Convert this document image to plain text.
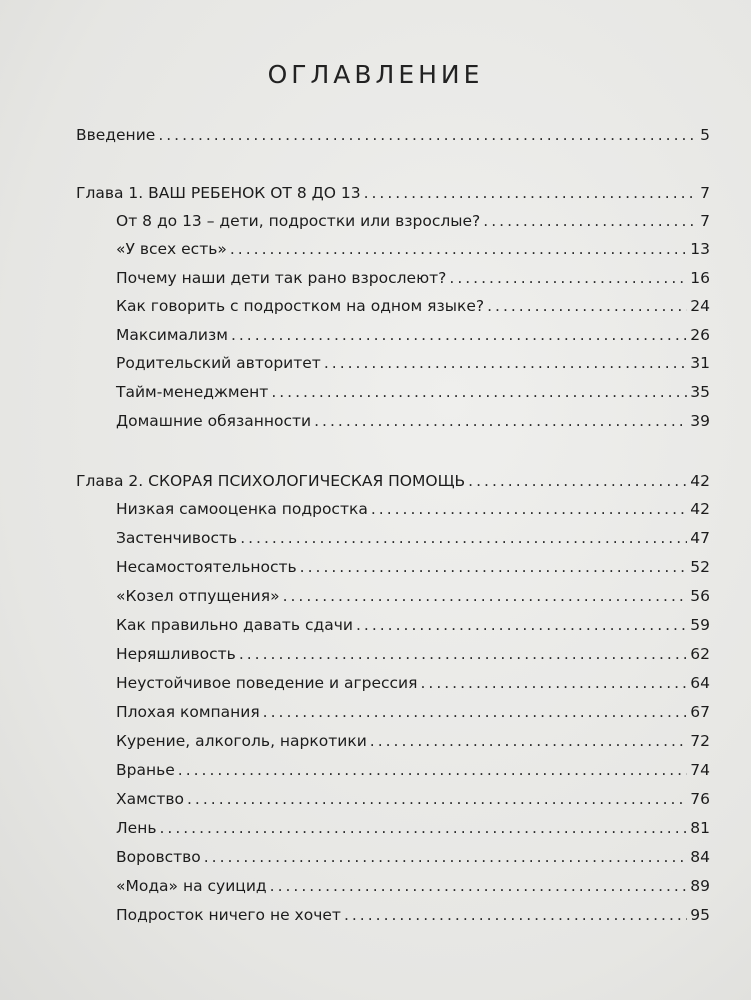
ОГЛАВЛЕНИЕ
Введение .....	5
Глава 1. ВАШ РЕБЕНОК ОТ 8 ДО 13 .....	7
От 8 до 13 – дети, подростки или взрослые? .....	7
«У всех есть» .....	13
Почему наши дети так рано взрослеют? .....	16
Как говорить с подростком на одном языке? .....	24
Максимализм .....	26
Родительский авторитет .....	31
Тайм-менеджмент .....	35
Домашние обязанности .....	39
Глава 2. СКОРАЯ ПСИХОЛОГИЧЕСКАЯ ПОМОЩЬ .....	42
Низкая самооценка подростка .....	42
Застенчивость .....	47
Несамостоятельность .....	52
«Козел отпущения» .....	56
Как правильно давать сдачи .....	59
Неряшливость .....	62
Неустойчивое поведение и агрессия .....	64
Плохая компания .....	67
Курение, алкоголь, наркотики .....	72
Вранье .....	74
Хамство .....	76
Лень .....	81
Воровство .....	84
«Мода» на суицид .....	89
Подросток ничего не хочет .....	95
